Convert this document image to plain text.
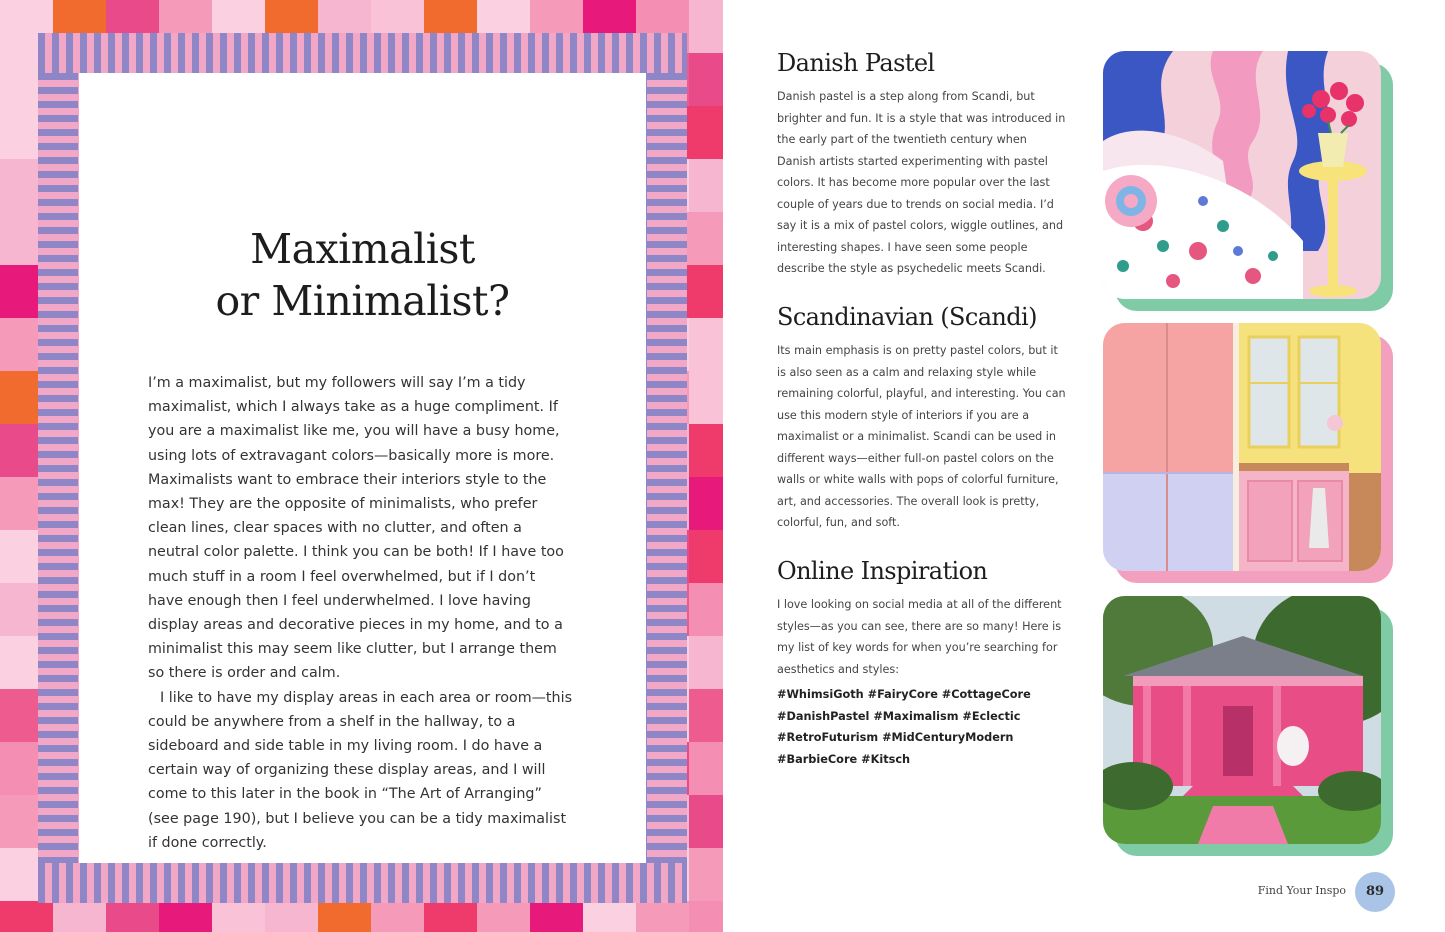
Maximalist
or Minimalist?

I’m a maximalist, but my followers will say I’m a tidy maximalist, which I always take as a huge compliment. If you are a maximalist like me, you will have a busy home, using lots of extravagant colors—basically more is more. Maximalists want to embrace their interiors style to the max! They are the opposite of minimalists, who prefer clean lines, clear spaces with no clutter, and often a neutral color palette. I think you can be both! If I have too much stuff in a room I feel overwhelmed, but if I don’t have enough then I feel underwhelmed. I love having display areas and decorative pieces in my home, and to a minimalist this may seem like clutter, but I arrange them so there is order and calm.

I like to have my display areas in each area or room—this could be anywhere from a shelf in the hallway, to a sideboard and side table in my living room. I do have a certain way of organizing these display areas, and I will come to this later in the book in “The Art of Arranging” (see page 190), but I believe you can be a tidy maximalist if done correctly.

Danish Pastel
Danish pastel is a step along from Scandi, but brighter and fun. It is a style that was introduced in the early part of the twentieth century when Danish artists started experimenting with pastel colors. It has become more popular over the last couple of years due to trends on social media. I’d say it is a mix of pastel colors, wiggle outlines, and interesting shapes. I have seen some people describe the style as psychedelic meets Scandi.
Scandinavian (Scandi)
Its main emphasis is on pretty pastel colors, but it is also seen as a calm and relaxing style while remaining colorful, playful, and interesting. You can use this modern style of interiors if you are a maximalist or a minimalist. Scandi can be used in different ways—either full-on pastel colors on the walls or white walls with pops of colorful furniture, art, and accessories. The overall look is pretty, colorful, fun, and soft.
Online Inspiration
I love looking on social media at all of the different styles—as you can see, there are so many! Here is my list of key words for when you’re searching for aesthetics and styles:
#WhimsiGoth #FairyCore #CottageCore
#DanishPastel #Maximalism #Eclectic
#RetroFuturism #MidCenturyModern
#BarbieCore #Kitsch
Find Your Inspo	89
